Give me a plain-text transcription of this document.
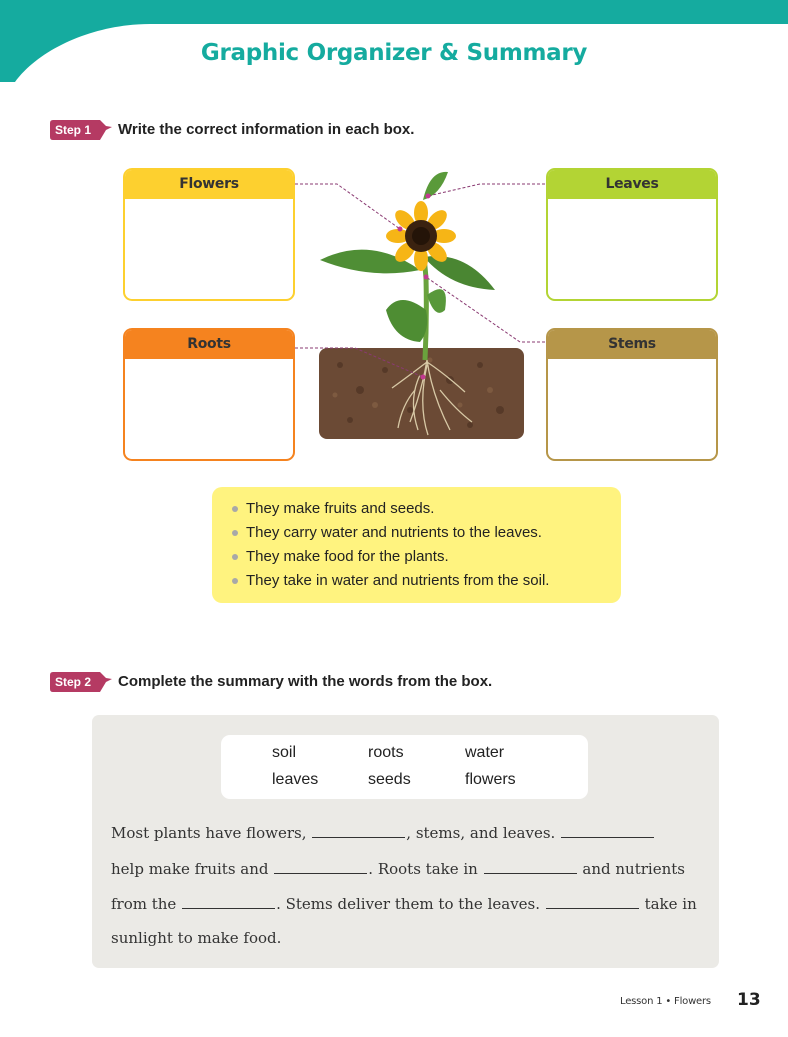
Graphic Organizer & Summary
Step 1 Write the correct information in each box.
Flowers	Leaves
Roots	Stems
They make fruits and seeds.
They carry water and nutrients to the leaves.
They make food for the plants.
They take in water and nutrients from the soil.
Step 2 Complete the summary with the words from the box.
soil	roots	water
leaves	seeds	flowers
Most plants have flowers,	, stems, and leaves.
help make fruits and	. Roots take in	and nutrients
from the	. Stems deliver them to the leaves.	take in
sunlight to make food.
Lesson 1 • Flowers 13
